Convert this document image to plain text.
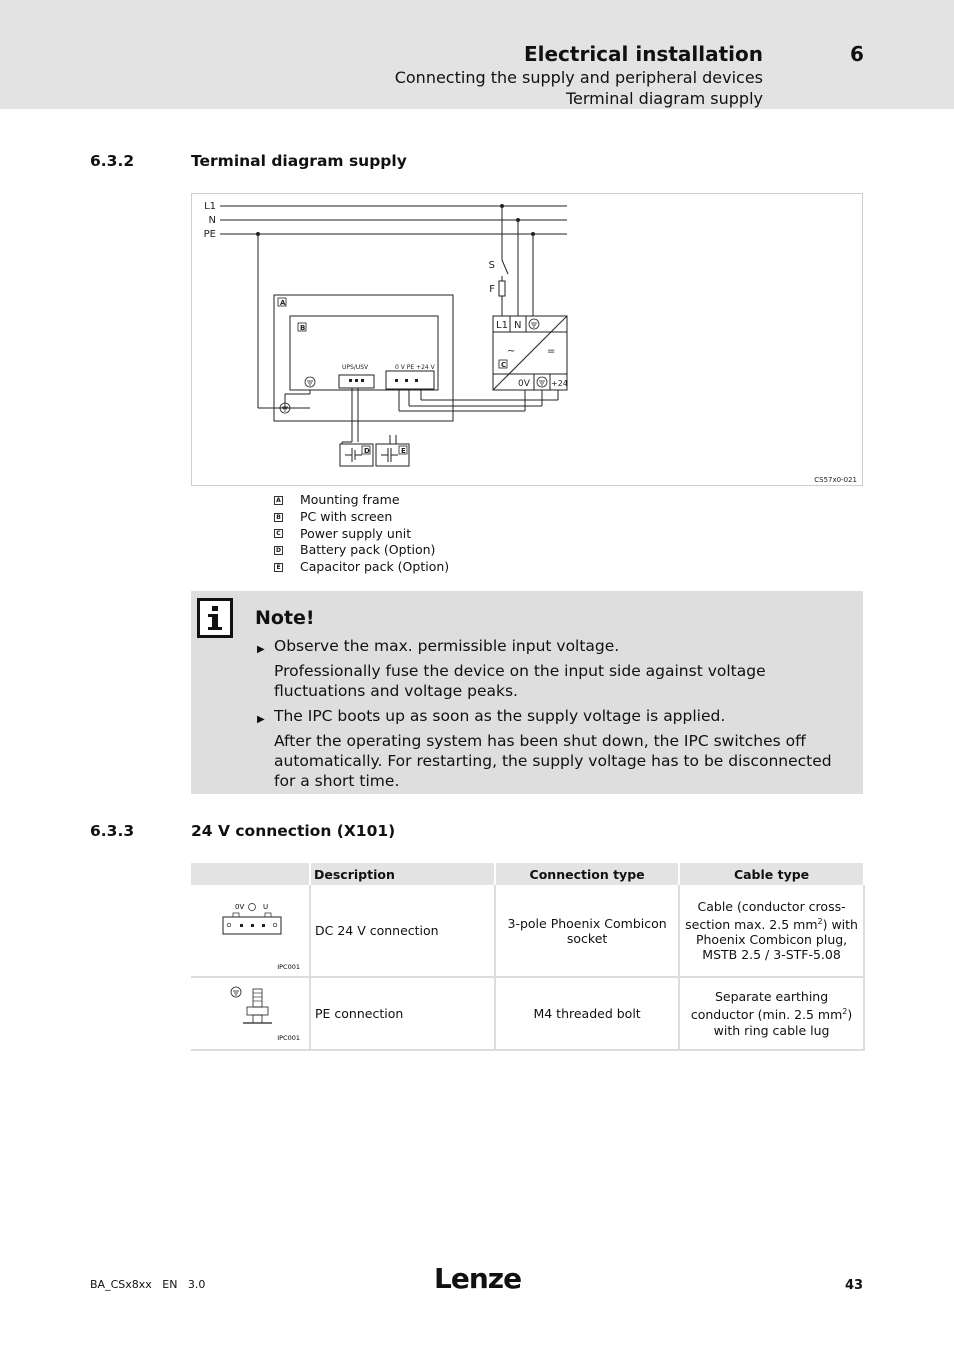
Electrical installation	6
Connecting the supply and peripheral devices
Terminal diagram supply
6.3.2	Terminal diagram supply
L1
N
PE
S
F
L1 N
~	=
0V	+24
UPS/USV	0 V PE +24 V
CS57x0-021
A
B
C
D	E
A Mounting frame
B PC with screen
C Power supply unit
D Battery pack (Option)
E Capacitor pack (Option)
Note!

▶ Observe the max. permissible input voltage.

Professionally fuse the device on the input side against voltage fluctuations and voltage peaks.

▶ The IPC boots up as soon as the supply voltage is applied.

After the operating system has been shut down, the IPC switches off automatically. For restarting, the supply voltage has to be disconnected for a short time.

6.3.3	24 V connection (X101)
	Description	Connection type	Cable type

0V U
IPC001	DC 24 V connection	3-pole Phoenix Combicon socket	Cable (conductor cross-section max. 2.5 $mm^2$) with Phoenix Combicon plug, MSTB 2.5 / 3-STF-5.08

IPC001	PE connection	M4 threaded bolt	Separate earthing conductor (min. 2.5 $mm^2$) with ring cable lug
BA_CSx8xx   EN   3.0	Lenze	43
